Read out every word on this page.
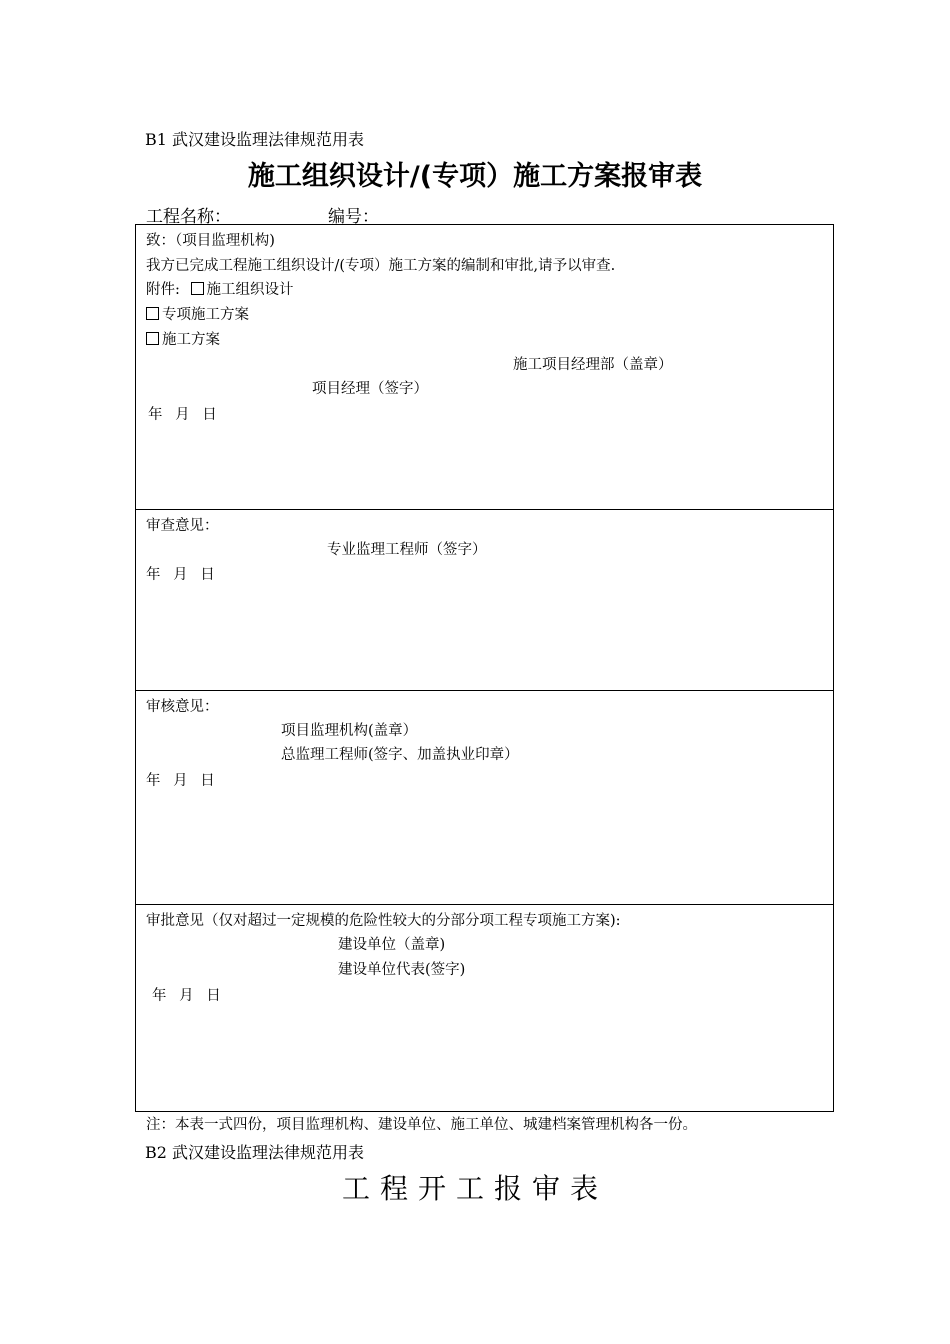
B1 武汉建设监理法律规范用表
施工组织设计/(专项）施工方案报审表
工程名称：	编号：
致：（项目监理机构)
我方已完成工程施工组织设计/(专项）施工方案的编制和审批,请予以审查.
附件: 施工组织设计
专项施工方案
施工方案
施工项目经理部（盖章）
项目经理（签字）
年 月 日
审查意见：
专业监理工程师（签字）
年 月 日
审核意见：
项目监理机构(盖章）
总监理工程师(签字、加盖执业印章）
年 月 日
审批意见（仅对超过一定规模的危险性较大的分部分项工程专项施工方案):
建设单位（盖章)
建设单位代表(签字)
年 月 日
注：本表一式四份，项目监理机构、建设单位、施工单位、城建档案管理机构各一份。
B2 武汉建设监理法律规范用表
工程开工报审表
